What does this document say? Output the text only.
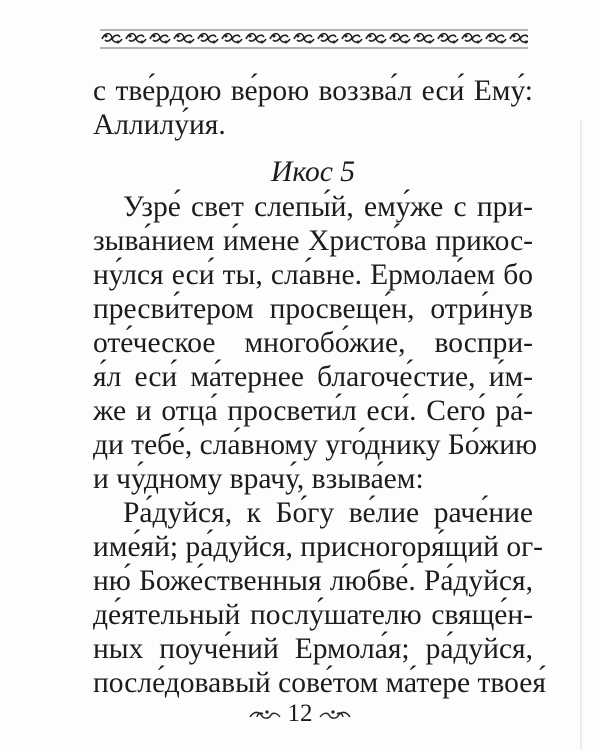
с тве́рдою ве́рою воззва́л еси́ Ему́:
Аллилу́ия.
Икос 5
Узре́ свет слепы́й, ему́же с при-
зыва́нием и́мене Христо́ва прикос-
ну́лся еси́ ты, сла́вне. Ермола́ем бо
пресви́тером просвеще́н, отри́нув
оте́ческое многобо́жие, воспри-
я́л еси́ ма́тернее благоче́стие, и́м-
же и отца́ просвети́л еси́. Сего́ ра́-
ди тебе́, сла́вному уго́днику Бо́жию
и чу́дному врачу́, взыва́ем:
Ра́дуйся, к Бо́гу ве́лие раче́ние
име́яй; ра́дуйся, присногоря́щий ог-
ню́ Боже́ственныя любве́. Ра́дуйся,
де́ятельный послу́шателю свяще́н-
ных поуче́ний Ермола́я; ра́дуйся,
после́довавый сове́том ма́тере твоея́
12
